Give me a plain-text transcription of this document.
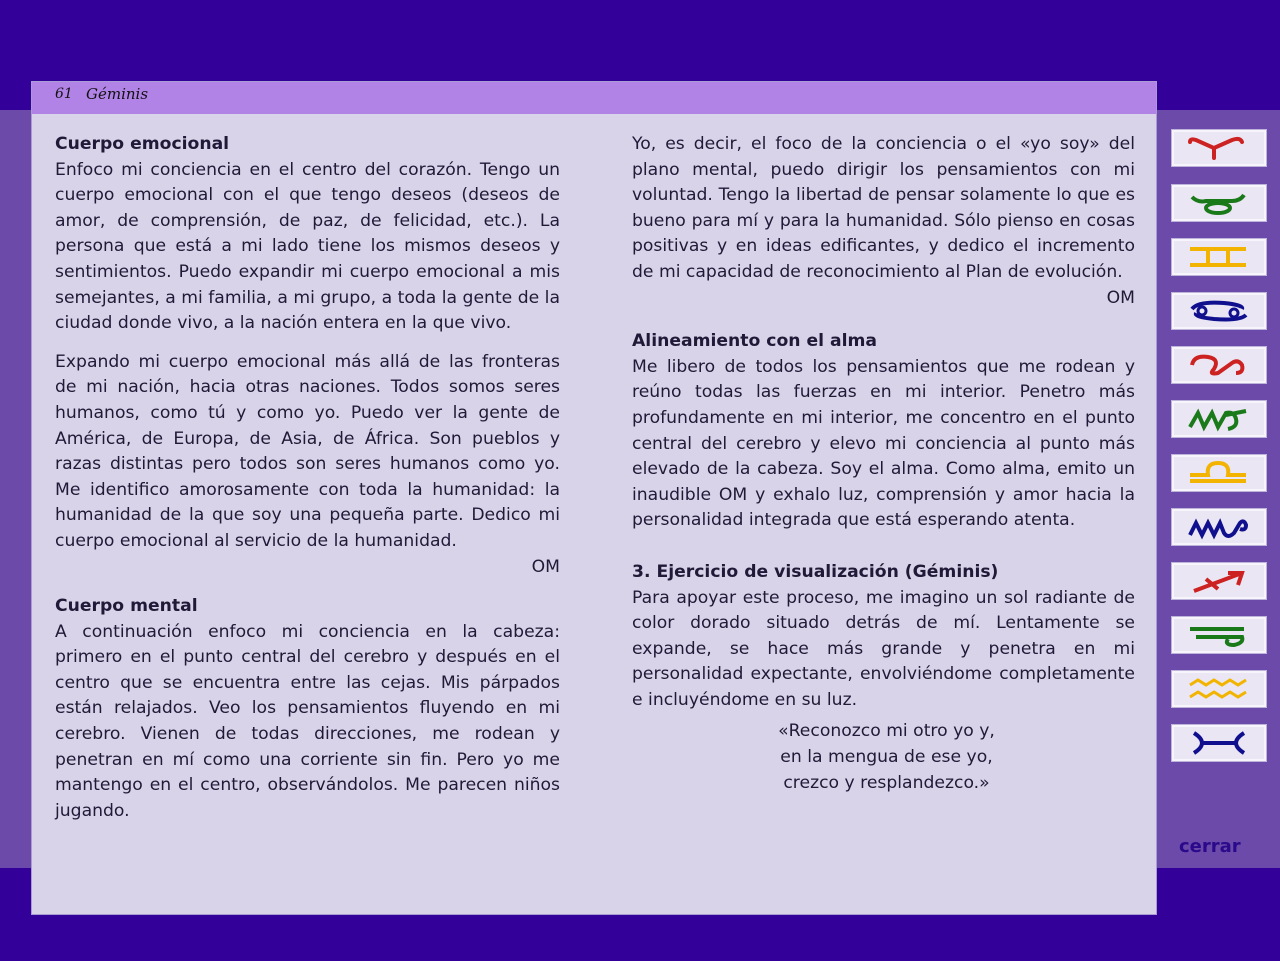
61 Géminis
Cuerpo emocional

Enfoco mi conciencia en el centro del corazón. Tengo un cuerpo emocional con el que tengo deseos (deseos de amor, de comprensión, de paz, de felicidad, etc.). La persona que está a mi lado tiene los mismos deseos y sentimientos. Puedo expandir mi cuerpo emocional a mis semejantes, a mi familia, a mi grupo, a toda la gente de la ciudad donde vivo, a la nación entera en la que vivo.

Expando mi cuerpo emocional más allá de las fronteras de mi nación, hacia otras naciones. Todos somos seres humanos, como tú y como yo. Puedo ver la gente de América, de Europa, de Asia, de África. Son pueblos y razas distintas pero todos son seres humanos como yo. Me identifico amorosamente con toda la humanidad: la humanidad de la que soy una pequeña parte. Dedico mi cuerpo emocional al servicio de la humanidad.

OM
Cuerpo mental

A continuación enfoco mi conciencia en la cabeza: primero en el punto central del cerebro y después en el centro que se encuentra entre las cejas. Mis párpados están relajados. Veo los pensamientos fluyendo en mi cerebro. Vienen de todas direcciones, me rodean y penetran en mí como una corriente sin fin. Pero yo me mantengo en el centro, observándolos. Me parecen niños jugando.

Yo, es decir, el foco de la conciencia o el «yo soy» del plano mental, puedo dirigir los pensamientos con mi voluntad. Tengo la libertad de pensar solamente lo que es bueno para mí y para la humanidad. Sólo pienso en cosas positivas y en ideas edificantes, y dedico el incremento de mi capacidad de reconocimiento al Plan de evolución.

OM
Alineamiento con el alma

Me libero de todos los pensamientos que me rodean y reúno todas las fuerzas en mi interior. Penetro más profundamente en mi interior, me concentro en el punto central del cerebro y elevo mi conciencia al punto más elevado de la cabeza. Soy el alma. Como alma, emito un inaudible OM y exhalo luz, comprensión y amor hacia la personalidad integrada que está esperando atenta.

3. Ejercicio de visualización (Géminis)

Para apoyar este proceso, me imagino un sol radiante de color dorado situado detrás de mí. Lentamente se expande, se hace más grande y penetra en mi personalidad expectante, envolviéndome completamente e incluyéndome en su luz.

«Reconozco mi otro yo y,
en la mengua de ese yo,
crezco y resplandezco.»
cerrar
